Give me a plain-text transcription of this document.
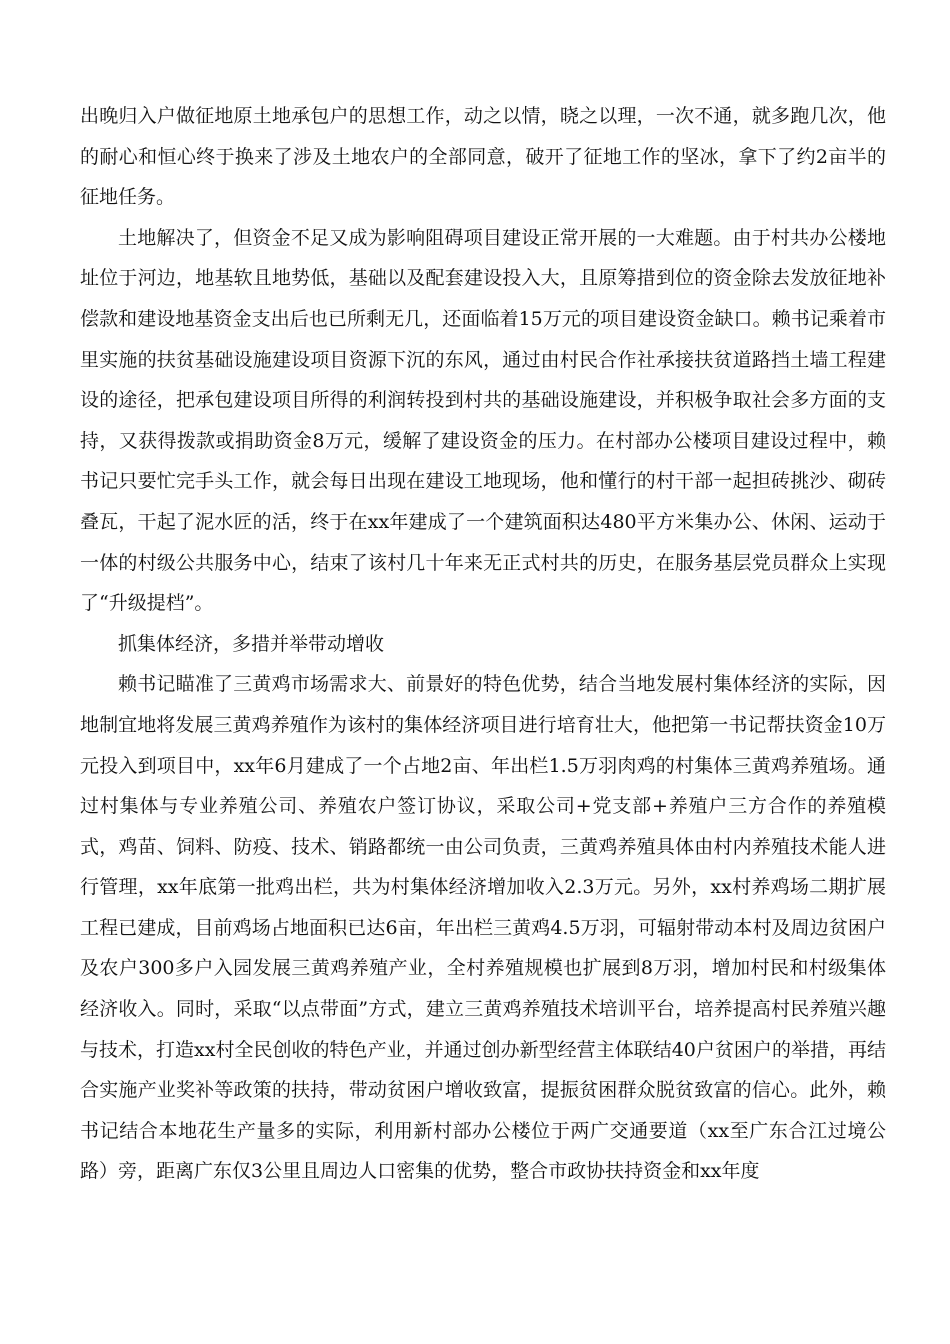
出晚归入户做征地原土地承包户的思想工作，动之以情，晓之以理，一次不通，就多跑几次，他的耐心和恒心终于换来了涉及土地农户的全部同意，破开了征地工作的坚冰，拿下了约2亩半的征地任务。

土地解决了，但资金不足又成为影响阻碍项目建设正常开展的一大难题。由于村共办公楼地址位于河边，地基软且地势低，基础以及配套建设投入大，且原筹措到位的资金除去发放征地补偿款和建设地基资金支出后也已所剩无几，还面临着15万元的项目建设资金缺口。赖书记乘着市里实施的扶贫基础设施建设项目资源下沉的东风，通过由村民合作社承接扶贫道路挡土墙工程建设的途径，把承包建设项目所得的利润转投到村共的基础设施建设，并积极争取社会多方面的支持，又获得拨款或捐助资金8万元，缓解了建设资金的压力。在村部办公楼项目建设过程中，赖书记只要忙完手头工作，就会每日出现在建设工地现场，他和懂行的村干部一起担砖挑沙、砌砖叠瓦，干起了泥水匠的活，终于在xx年建成了一个建筑面积达480平方米集办公、休闲、运动于一体的村级公共服务中心，结束了该村几十年来无正式村共的历史，在服务基层党员群众上实现了“升级提档”。

抓集体经济，多措并举带动增收

赖书记瞄准了三黄鸡市场需求大、前景好的特色优势，结合当地发展村集体经济的实际，因地制宜地将发展三黄鸡养殖作为该村的集体经济项目进行培育壮大，他把第一书记帮扶资金10万元投入到项目中，xx年6月建成了一个占地2亩、年出栏1.5万羽肉鸡的村集体三黄鸡养殖场。通过村集体与专业养殖公司、养殖农户签订协议，采取公司+党支部+养殖户三方合作的养殖模式，鸡苗、饲料、防疫、技术、销路都统一由公司负责，三黄鸡养殖具体由村内养殖技术能人进行管理，xx年底第一批鸡出栏，共为村集体经济增加收入2.3万元。另外，xx村养鸡场二期扩展工程已建成，目前鸡场占地面积已达6亩，年出栏三黄鸡4.5万羽，可辐射带动本村及周边贫困户及农户300多户入园发展三黄鸡养殖产业，全村养殖规模也扩展到8万羽，增加村民和村级集体经济收入。同时，采取“以点带面”方式，建立三黄鸡养殖技术培训平台，培养提高村民养殖兴趣与技术，打造xx村全民创收的特色产业，并通过创办新型经营主体联结40户贫困户的举措，再结合实施产业奖补等政策的扶持，带动贫困户增收致富，提振贫困群众脱贫致富的信心。此外，赖书记结合本地花生产量多的实际，利用新村部办公楼位于两广交通要道（xx至广东合江过境公路）旁，距离广东仅3公里且周边人口密集的优势，整合市政协扶持资金和xx年度
